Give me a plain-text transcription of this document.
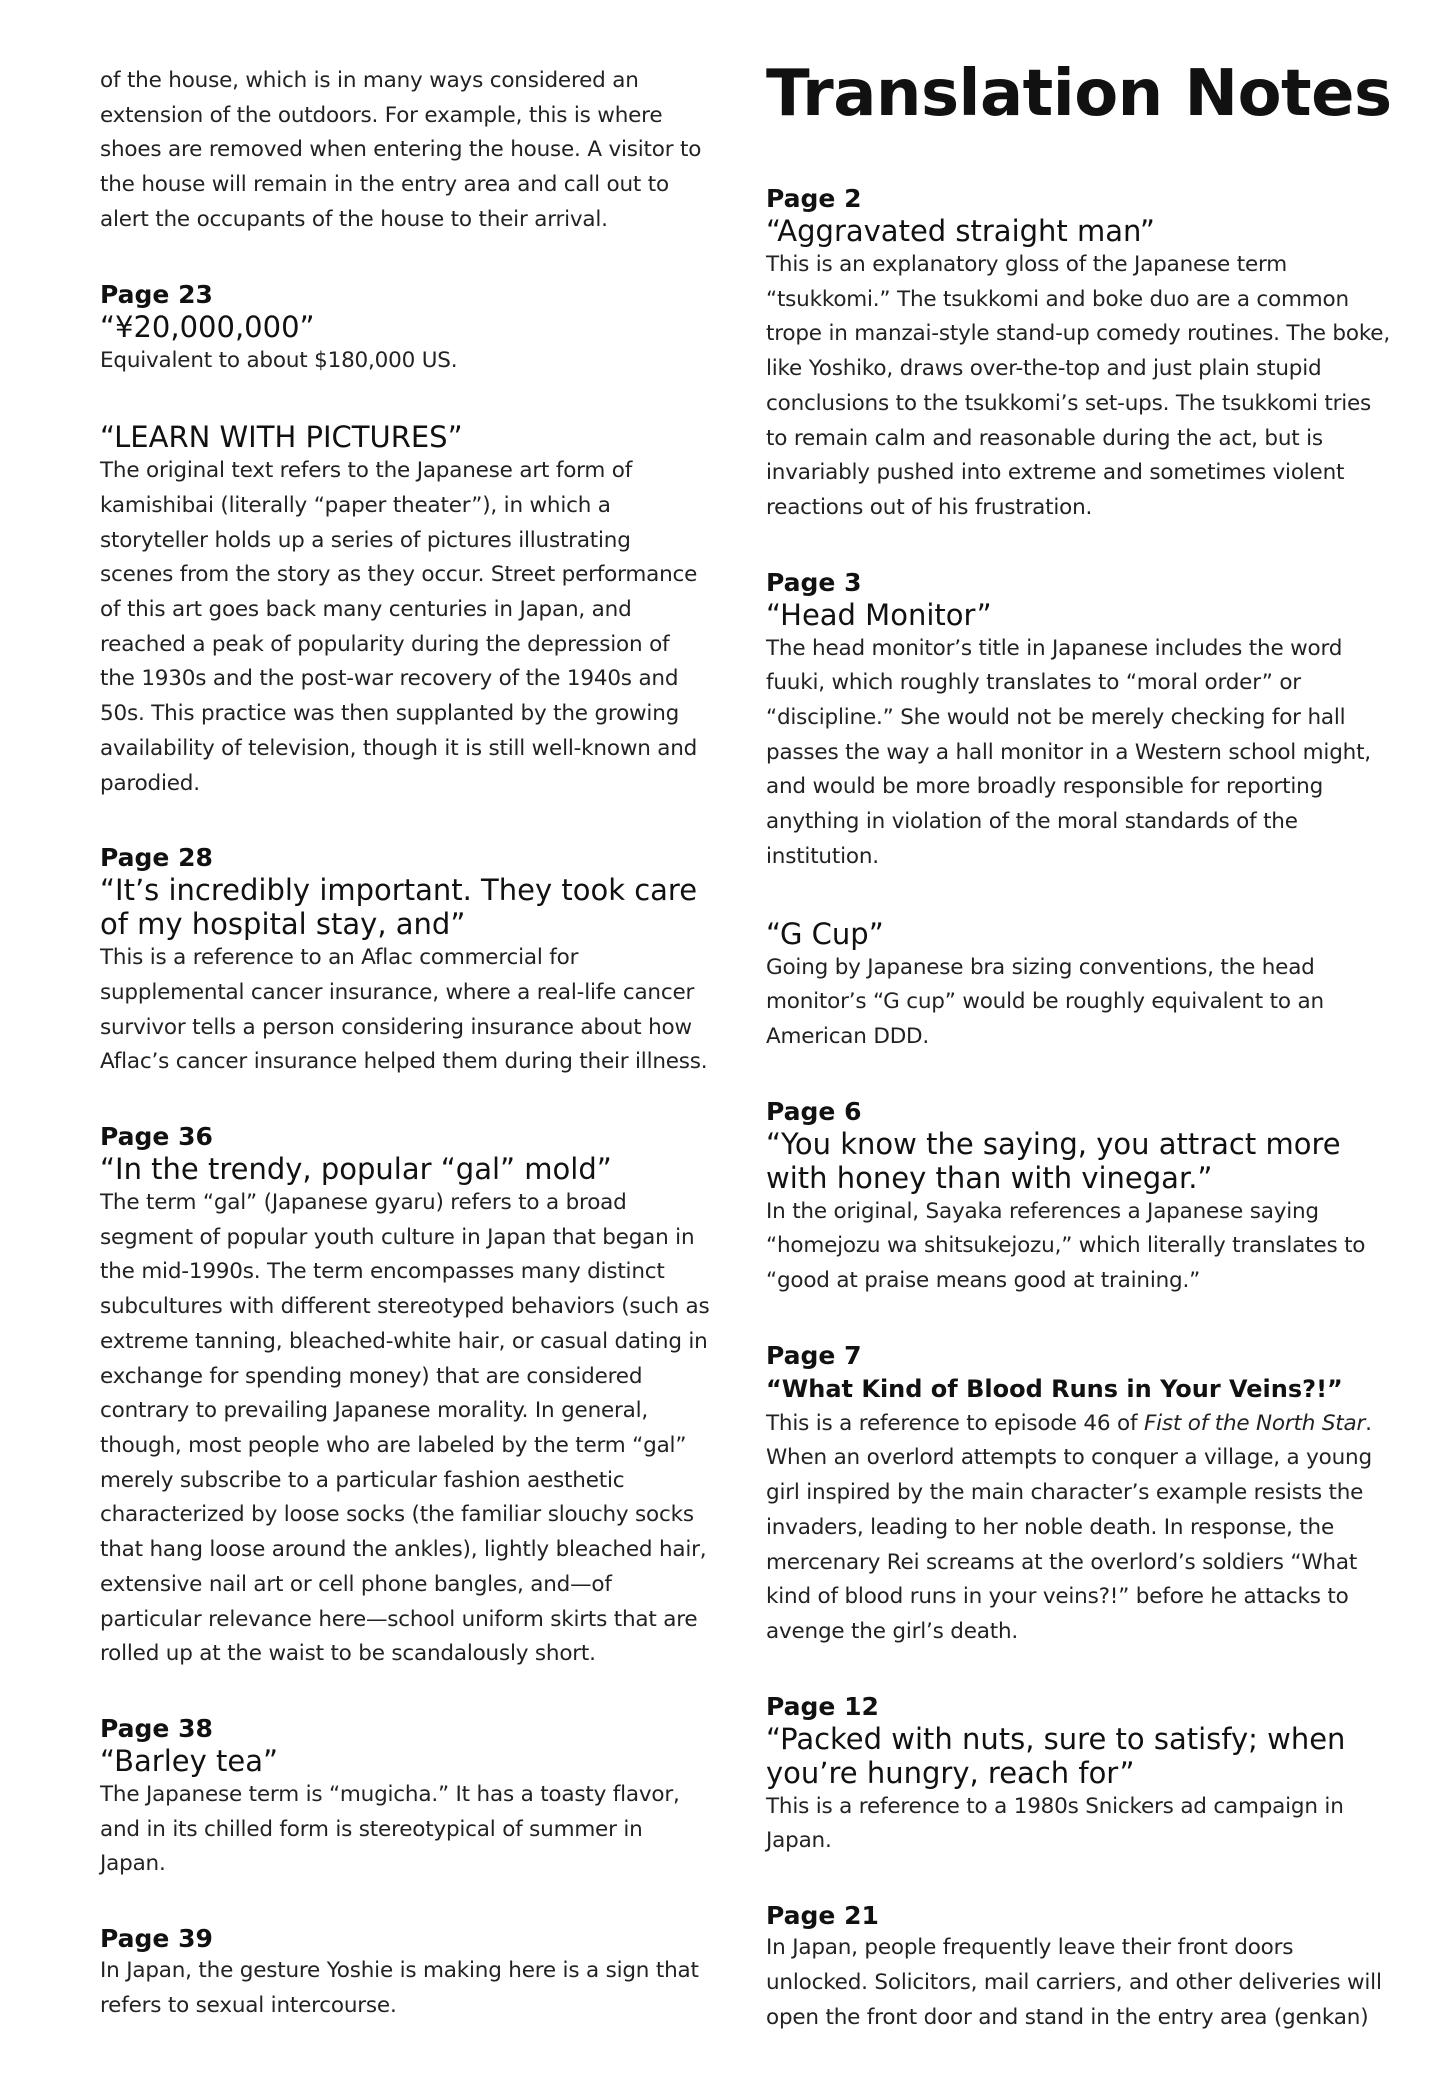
of the house, which is in many ways considered an extension of the outdoors. For example, this is where shoes are removed when entering the house. A visitor to the house will remain in the entry area and call out to alert the occupants of the house to their arrival.

Page 23

“¥20,000,000”

Equivalent to about $180,000 US.

“LEARN WITH PICTURES”

The original text refers to the Japanese art form of kamishibai (literally “paper theater”), in which a storyteller holds up a series of pictures illustrating scenes from the story as they occur. Street performance of this art goes back many centuries in Japan, and reached a peak of popularity during the depression of the 1930s and the post-war recovery of the 1940s and 50s. This practice was then supplanted by the growing availability of television, though it is still well-known and parodied.

Page 28

“It’s incredibly important. They took care of my hospital stay, and”

This is a reference to an Aflac commercial for supplemental cancer insurance, where a real-life cancer survivor tells a person considering insurance about how Aflac’s cancer insurance helped them during their illness.

Page 36

“In the trendy, popular “gal” mold”

The term “gal” (Japanese gyaru) refers to a broad segment of popular youth culture in Japan that began in the mid-1990s. The term encompasses many distinct subcultures with different stereotyped behaviors (such as extreme tanning, bleached-white hair, or casual dating in exchange for spending money) that are considered contrary to prevailing Japanese morality. In general, though, most people who are labeled by the term “gal” merely subscribe to a particular fashion aesthetic characterized by loose socks (the familiar slouchy socks that hang loose around the ankles), lightly bleached hair, extensive nail art or cell phone bangles, and—of particular relevance here—school uniform skirts that are rolled up at the waist to be scandalously short.

Page 38

“Barley tea”

The Japanese term is “mugicha.” It has a toasty flavor, and in its chilled form is stereotypical of summer in Japan.

Page 39

In Japan, the gesture Yoshie is making here is a sign that refers to sexual intercourse.

Translation Notes

Page 2

“Aggravated straight man”

This is an explanatory gloss of the Japanese term “tsukkomi.” The tsukkomi and boke duo are a common trope in manzai-style stand-up comedy routines. The boke, like Yoshiko, draws over-the-top and just plain stupid conclusions to the tsukkomi’s set-ups. The tsukkomi tries to remain calm and reasonable during the act, but is invariably pushed into extreme and sometimes violent reactions out of his frustration.

Page 3

“Head Monitor”

The head monitor’s title in Japanese includes the word fuuki, which roughly translates to “moral order” or “discipline.” She would not be merely checking for hall passes the way a hall monitor in a Western school might, and would be more broadly responsible for reporting anything in violation of the moral standards of the institution.

“G Cup”

Going by Japanese bra sizing conventions, the head monitor’s “G cup” would be roughly equivalent to an American DDD.

Page 6

“You know the saying, you attract more with honey than with vinegar.”

In the original, Sayaka references a Japanese saying “homejozu wa shitsukejozu,” which literally translates to “good at praise means good at training.”

Page 7

“What Kind of Blood Runs in Your Veins?!”

This is a reference to episode 46 of Fist of the North Star. When an overlord attempts to conquer a village, a young girl inspired by the main character’s example resists the invaders, leading to her noble death. In response, the mercenary Rei screams at the overlord’s soldiers “What kind of blood runs in your veins?!” before he attacks to avenge the girl’s death.

Page 12

“Packed with nuts, sure to satisfy; when you’re hungry, reach for”

This is a reference to a 1980s Snickers ad campaign in Japan.

Page 21

In Japan, people frequently leave their front doors unlocked. Solicitors, mail carriers, and other deliveries will open the front door and stand in the entry area (genkan)
